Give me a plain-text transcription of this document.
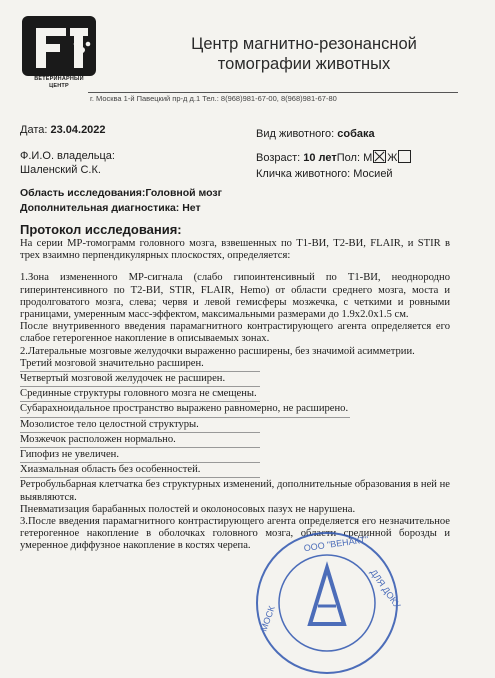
ВЕТЕРИНАРНЫЙ
ЦЕНТР
Центр магнитно-резонансной
томографии животных
г. Москва 1-й Павецкий пр-д д.1 Тел.: 8(968)981-67-00, 8(968)981-67-80
Дата: 23.04.2022	Вид животного: собака
Ф.И.О. владельца:	Возраст: 10 летПол: М Ж
Шаленский С.К.	Кличка животного: Мосией
Область исследования:Головной мозг
Дополнительная диагностика: Нет
Протокол исследования:

На серии МР-томограмм головного мозга, взвешенных по Т1-ВИ, Т2-ВИ, FLAIR, и STIR в трех взаимно перпендикулярных плоскостях, определяется:

1.Зона измененного МР-сигнала (слабо гипоинтенсивный по Т1-ВИ, неоднородно гиперинтенсивного по Т2-ВИ, STIR, FLAIR, Hemo) от области среднего мозга, моста и продолговатого мозга, слева; червя и левой гемисферы мозжечка, с четкими и ровными границами, умеренным масс-эффектом, максимальными размерами до 1.9х2.0х1.5 см.

После внутривенного введения парамагнитного контрастирующего агента определяется его слабое гетерогенное накопление в описываемых зонах.

2.Латеральные мозговые желудочки выраженно расширены, без значимой асимметрии.

Третий мозговой значительно расширен.

Четвертый мозговой желудочек не расширен.

Срединные структуры головного мозга не смещены.

Субарахноидальное пространство выражено равномерно, не расширено.

Мозолистое тело целостной структуры.

Мозжечок расположен нормально.

Гипофиз не увеличен.

Хиазмальная область без особенностей.

Ретробульбарная клетчатка без структурных изменений, дополнительные образования в ней не выявляются.

Пневматизация барабанных полостей и околоносовых пазух не нарушена.

3.После введения парамагнитного контрастирующего агента определяется его незначительное гетерогенное накопление в оболочках головного мозга, области срединной борозды и умеренное диффузное накопление в костях черепа.	ООО "ВЕНАКТ"
ДЛЯ ДОКУ
МОСК
